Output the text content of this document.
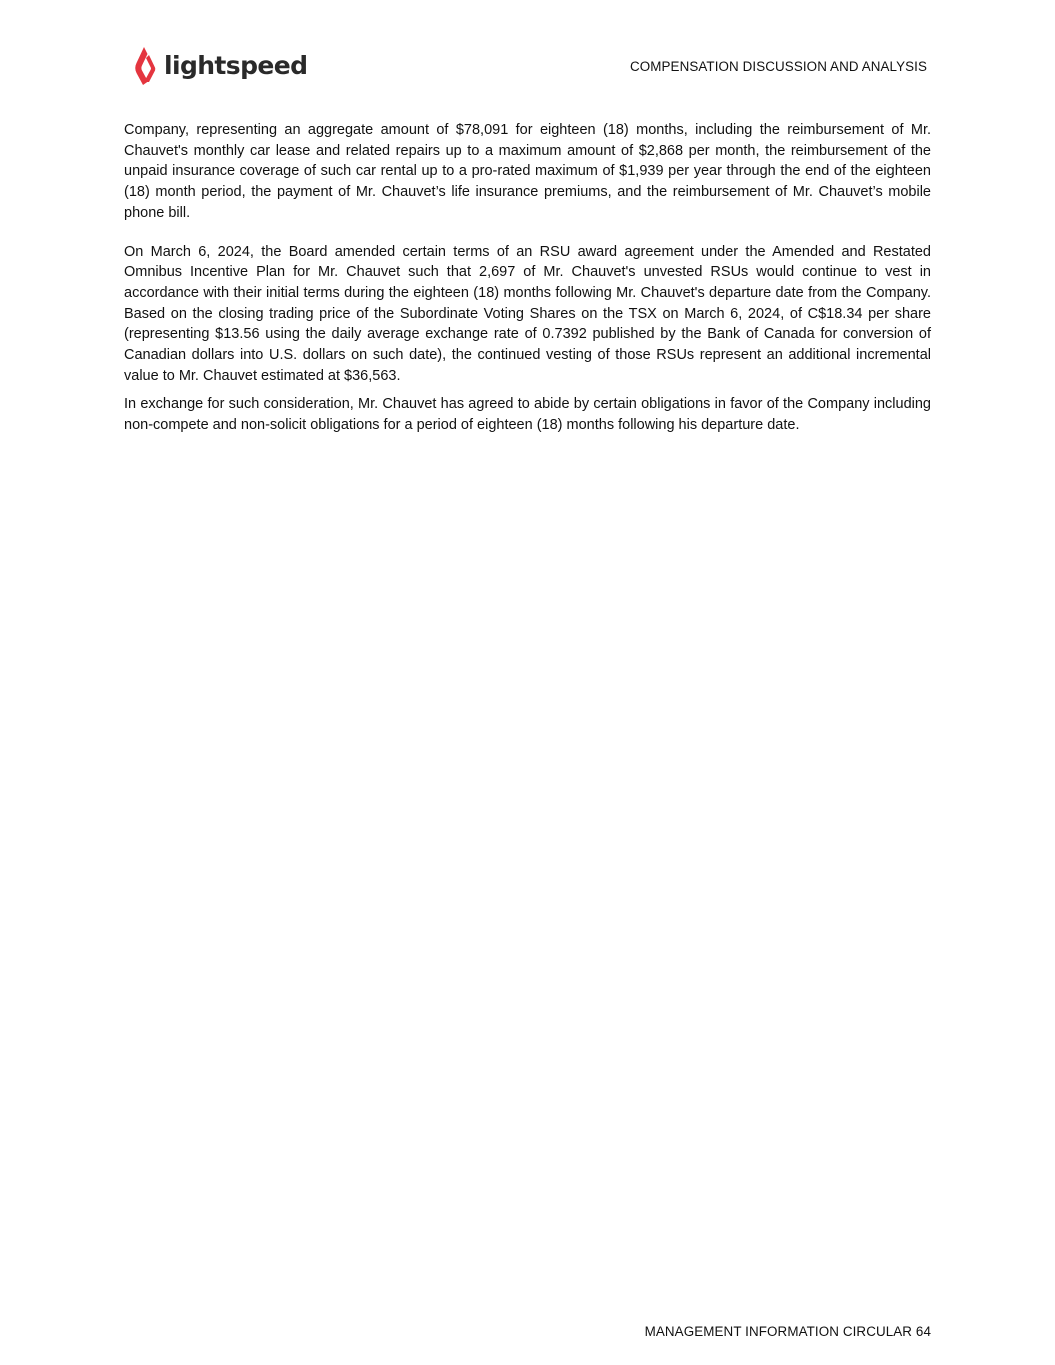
lightspeed	COMPENSATION DISCUSSION AND ANALYSIS

Company, representing an aggregate amount of $78,091 for eighteen (18) months, including the reimbursement of Mr. Chauvet's monthly car lease and related repairs up to a maximum amount of $2,868 per month, the reimbursement of the unpaid insurance coverage of such car rental up to a pro-rated maximum of $1,939 per year through the end of the eighteen (18) month period, the payment of Mr. Chauvet’s life insurance premiums, and the reimbursement of Mr. Chauvet’s mobile phone bill.

On March 6, 2024, the Board amended certain terms of an RSU award agreement under the Amended and Restated Omnibus Incentive Plan for Mr. Chauvet such that 2,697 of Mr. Chauvet's unvested RSUs would continue to vest in accordance with their initial terms during the eighteen (18) months following Mr. Chauvet's departure date from the Company. Based on the closing trading price of the Subordinate Voting Shares on the TSX on March 6, 2024, of C$18.34 per share (representing $13.56 using the daily average exchange rate of 0.7392 published by the Bank of Canada for conversion of Canadian dollars into U.S. dollars on such date), the continued vesting of those RSUs represent an additional incremental value to Mr. Chauvet estimated at $36,563.

In exchange for such consideration, Mr. Chauvet has agreed to abide by certain obligations in favor of the Company including non-compete and non-solicit obligations for a period of eighteen (18) months following his departure date.

MANAGEMENT INFORMATION CIRCULAR 64
